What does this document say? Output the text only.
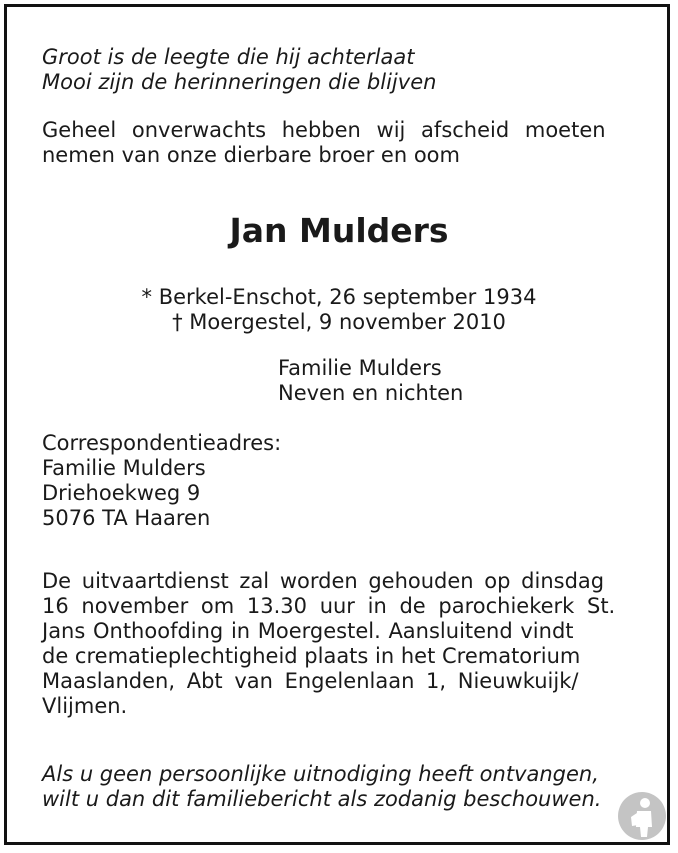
Groot is de leegte die hij achterlaat
Mooi zijn de herinneringen die blijven
Geheel onverwachts hebben wij afscheid moeten
nemen van onze dierbare broer en oom
Jan Mulders
* Berkel-Enschot, 26 september 1934
† Moergestel, 9 november 2010
Familie Mulders
Neven en nichten
Correspondentieadres:
Familie Mulders
Driehoekweg 9
5076 TA Haaren
De uitvaartdienst zal worden gehouden op dinsdag
16 november om 13.30 uur in de parochiekerk St.
Jans Onthoofding in Moergestel. Aansluitend vindt
de crematieplechtigheid plaats in het Crematorium
Maaslanden, Abt van Engelenlaan 1, Nieuwkuijk/
Vlijmen.
Als u geen persoonlijke uitnodiging heeft ontvangen,
wilt u dan dit familiebericht als zodanig beschouwen.
